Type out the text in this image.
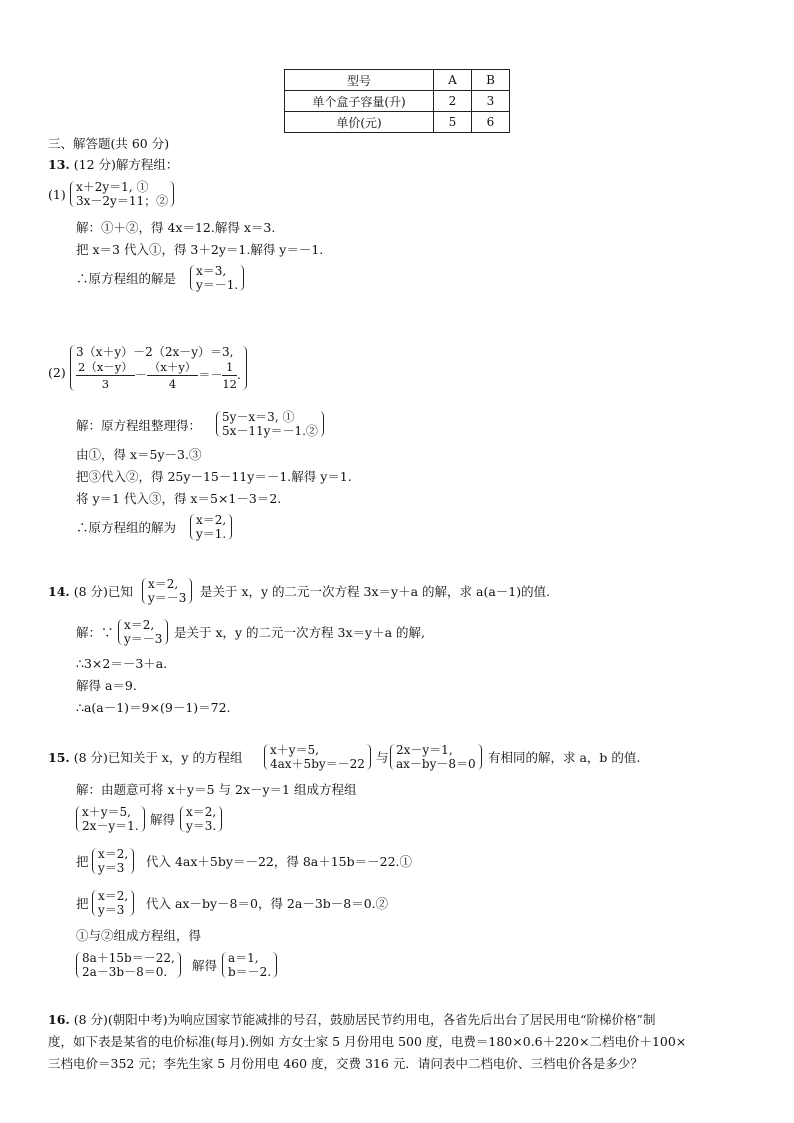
型号	A	B
单个盒子容量(升)	2	3
单价(元)	5	6
三、解答题(共 60 分)
13. (12 分)解方程组：
(1) x＋2y＝1, ①
3x－2y＝11；②
解：①＋②，得 4x＝12.解得 x＝3.
把 x＝3 代入①，得 3＋2y＝1.解得 y＝－1.
∴原方程组的解是 x＝3,
y＝－1.
(2)
3（x＋y）－2（2x－y）＝3,
$\frac{2(x-y)}{3} - \frac{(x+y)}{4} =- \frac{1}{12}$ .
解：原方程组整理得：
5y－x＝3, ①
5x－11y＝－1.②
由①，得 x＝5y－3.③
把③代入②，得 25y－15－11y＝－1.解得 y＝1.
将 y＝1 代入③，得 x＝5×1－3＝2.
∴原方程组的解为 x＝2,
y＝1.
14. (8 分)已知 x＝2,
y＝－3 是关于 x，y 的二元一次方程 3x＝y＋a 的解，求 a(a－1)的值.
解：∵ x＝2,
y＝－3 是关于 x，y 的二元一次方程 3x＝y＋a 的解,
∴3×2＝－3＋a.
解得 a＝9.
∴a(a－1)＝9×(9－1)＝72.
15. (8 分)已知关于 x，y 的方程组 x＋y＝5,
4ax＋5by＝－22 与 2x－y＝1,
ax－by－8＝0 有相同的解，求 a，b 的值.
解：由题意可将 x＋y＝5 与 2x－y＝1 组成方程组
x＋y＝5,
2x－y＝1. 解得 x＝2,
y＝3.
把 x＝2,
y＝3	代入 4ax＋5by＝－22，得 8a＋15b＝－22.①
把 x＝2,
y＝3	代入 ax－by－8＝0，得 2a－3b－8＝0.②
①与②组成方程组，得
8a＋15b＝－22,
2a－3b－8＝0.	解得 a＝1,
b＝－2.
16. (8 分)(朝阳中考)为响应国家节能减排的号召，鼓励居民节约用电，各省先后出台了居民用电“阶梯价格”制
度，如下表是某省的电价标准(每月).例如 方女士家 5 月份用电 500 度，电费＝180×0.6＋220×二档电价＋100×
三档电价＝352 元；李先生家 5 月份用电 460 度，交费 316 元．请问表中二档电价、三档电价各是多少？
